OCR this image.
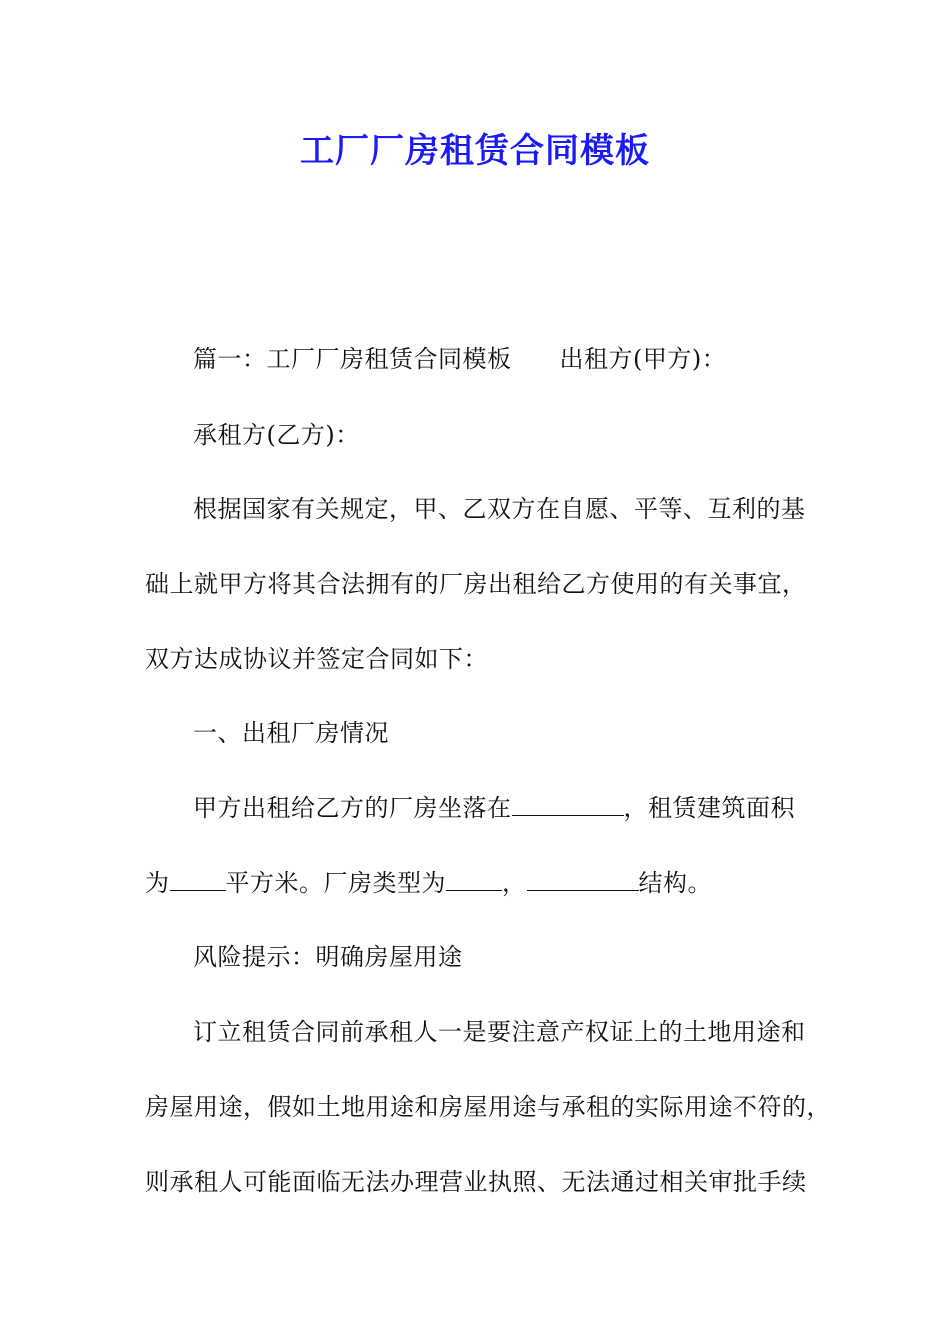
工厂厂房租赁合同模板
篇一：工厂厂房租赁合同模板 出租方(甲方)：
承租方(乙方)：
根据国家有关规定，甲、乙双方在自愿、平等、互利的基
础上就甲方将其合法拥有的厂房出租给乙方使用的有关事宜，
双方达成协议并签定合同如下：
一、出租厂房情况
甲方出租给乙方的厂房坐落在	，租赁建筑面积
为 平方米。厂房类型为 ，	结构。
风险提示：明确房屋用途
订立租赁合同前承租人一是要注意产权证上的土地用途和
房屋用途，假如土地用途和房屋用途与承租的实际用途不符的，
则承租人可能面临无法办理营业执照、无法通过相关审批手续
